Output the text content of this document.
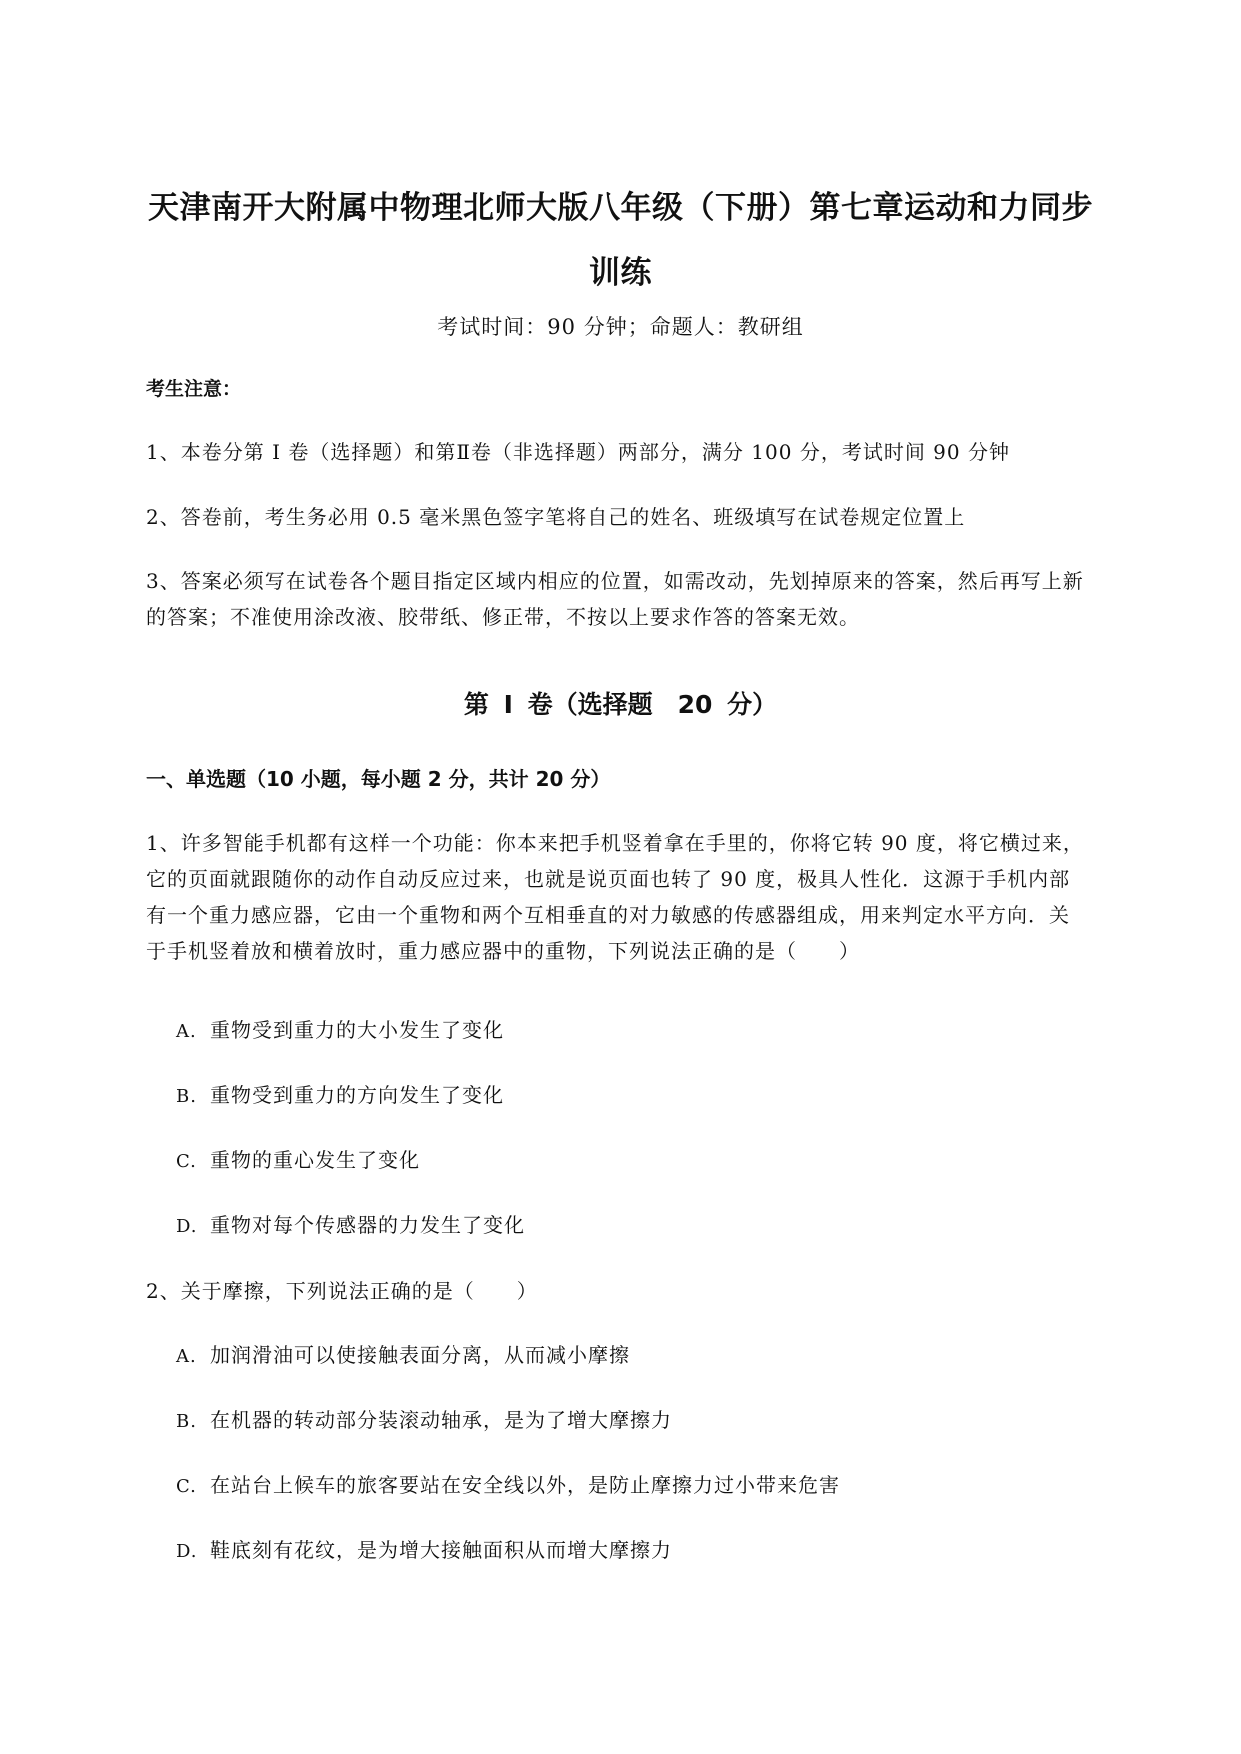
天津南开大附属中物理北师大版八年级（下册）第七章运动和力同步
训练
考试时间：90 分钟；命题人：教研组
考生注意：
1、本卷分第 I 卷（选择题）和第Ⅱ卷（非选择题）两部分，满分 100 分，考试时间 90 分钟
2、答卷前，考生务必用 0.5 毫米黑色签字笔将自己的姓名、班级填写在试卷规定位置上
3、答案必须写在试卷各个题目指定区域内相应的位置，如需改动，先划掉原来的答案，然后再写上新
的答案；不准使用涂改液、胶带纸、修正带，不按以上要求作答的答案无效。
第 I 卷（选择题　20 分）
一、单选题（10 小题，每小题 2 分，共计 20 分）
1、许多智能手机都有这样一个功能：你本来把手机竖着拿在手里的，你将它转 90 度，将它横过来，
它的页面就跟随你的动作自动反应过来，也就是说页面也转了 90 度，极具人性化．这源于手机内部
有一个重力感应器，它由一个重物和两个互相垂直的对力敏感的传感器组成，用来判定水平方向．关
于手机竖着放和横着放时，重力感应器中的重物，下列说法正确的是（　　）
A. 重物受到重力的大小发生了变化
B. 重物受到重力的方向发生了变化
C. 重物的重心发生了变化
D. 重物对每个传感器的力发生了变化
2、关于摩擦，下列说法正确的是（　　）
A. 加润滑油可以使接触表面分离，从而减小摩擦
B. 在机器的转动部分装滚动轴承，是为了增大摩擦力
C. 在站台上候车的旅客要站在安全线以外，是防止摩擦力过小带来危害
D. 鞋底刻有花纹，是为增大接触面积从而增大摩擦力
